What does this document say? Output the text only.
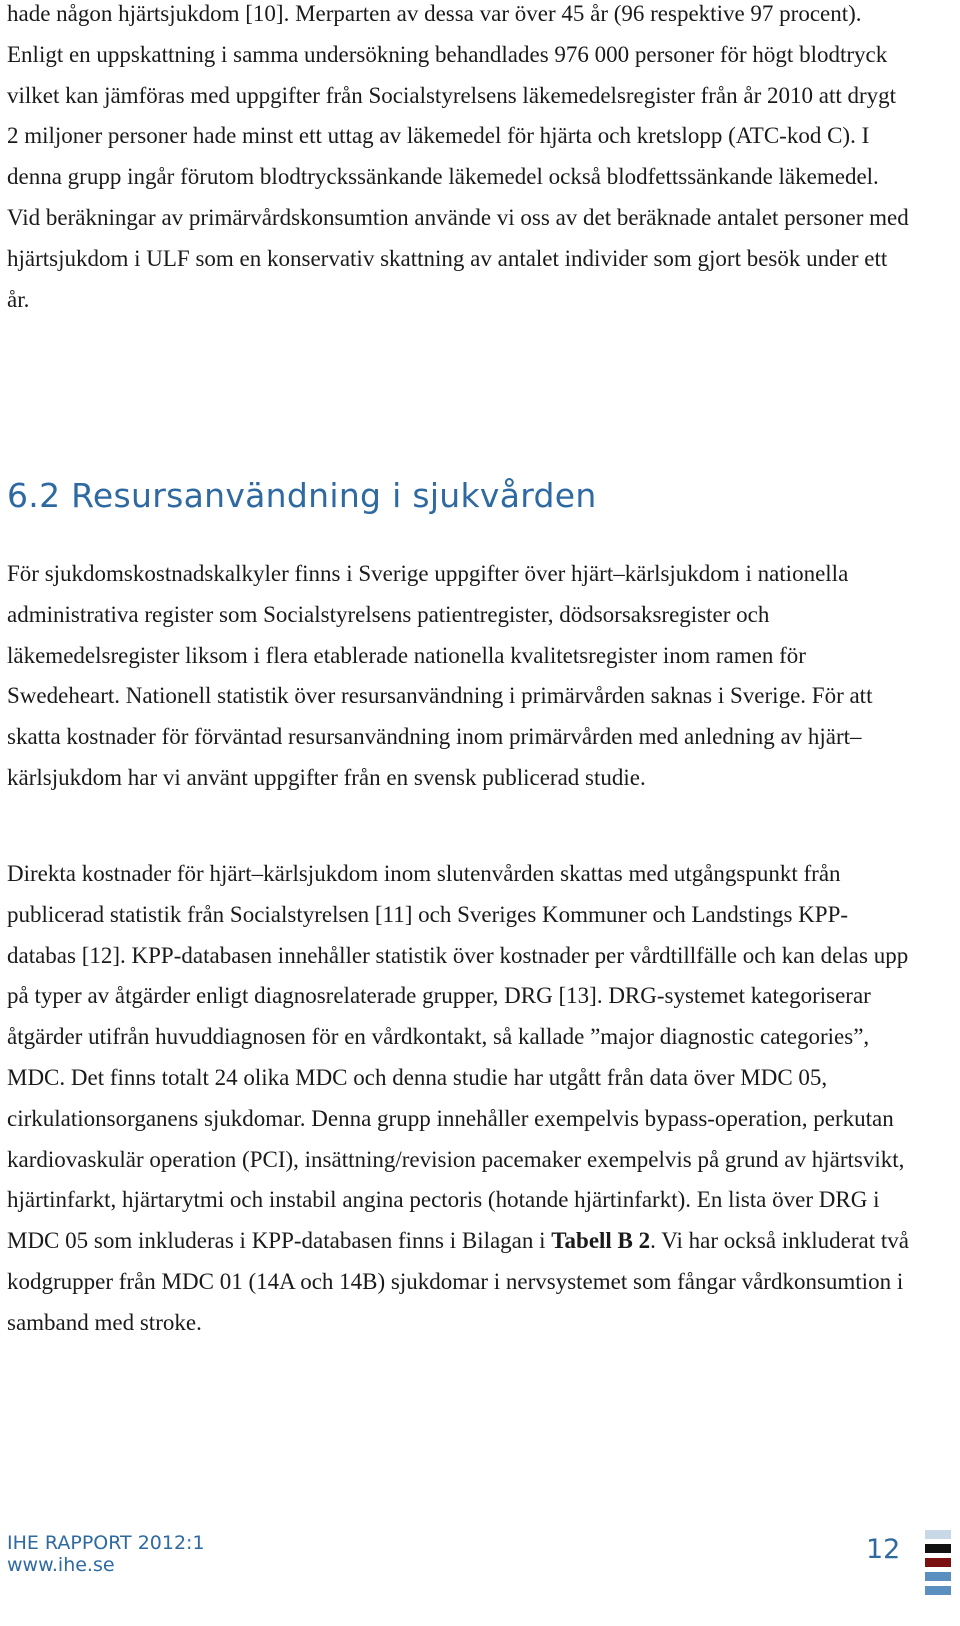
hade någon hjärtsjukdom [10]. Merparten av dessa var över 45 år (96 respektive 97 procent). Enligt en uppskattning i samma undersökning behandlades 976 000 personer för högt blodtryck vilket kan jämföras med uppgifter från Socialstyrelsens läkemedelsregister från år 2010 att drygt 2 miljoner personer hade minst ett uttag av läkemedel för hjärta och kretslopp (ATC-kod C). I denna grupp ingår förutom blodtryckssänkande läkemedel också blodfettssänkande läkemedel. Vid beräkningar av primärvårdskonsumtion använde vi oss av det beräknade antalet personer med hjärtsjukdom i ULF som en konservativ skattning av antalet individer som gjort besök under ett år.

6.2 Resursanvändning i sjukvården

För sjukdomskostnadskalkyler finns i Sverige uppgifter över hjärt–kärlsjukdom i nationella administrativa register som Socialstyrelsens patientregister, dödsorsaksregister och läkemedelsregister liksom i flera etablerade nationella kvalitetsregister inom ramen för Swedeheart. Nationell statistik över resursanvändning i primärvården saknas i Sverige. För att skatta kostnader för förväntad resursanvändning inom primärvården med anledning av hjärt–kärlsjukdom har vi använt uppgifter från en svensk publicerad studie.

Direkta kostnader för hjärt–kärlsjukdom inom slutenvården skattas med utgångspunkt från publicerad statistik från Socialstyrelsen [11] och Sveriges Kommuner och Landstings KPP-databas [12]. KPP-databasen innehåller statistik över kostnader per vårdtillfälle och kan delas upp på typer av åtgärder enligt diagnosrelaterade grupper, DRG [13]. DRG-systemet kategoriserar åtgärder utifrån huvuddiagnosen för en vårdkontakt, så kallade ”major diagnostic categories”, MDC. Det finns totalt 24 olika MDC och denna studie har utgått från data över MDC 05, cirkulationsorganens sjukdomar. Denna grupp innehåller exempelvis bypass-operation, perkutan kardiovaskulär operation (PCI), insättning/revision pacemaker exempelvis på grund av hjärtsvikt, hjärtinfarkt, hjärtarytmi och instabil angina pectoris (hotande hjärtinfarkt). En lista över DRG i MDC 05 som inkluderas i KPP-databasen finns i Bilagan i Tabell B 2. Vi har också inkluderat två kodgrupper från MDC 01 (14A och 14B) sjukdomar i nervsystemet som fångar vårdkonsumtion i samband med stroke.

IHE RAPPORT 2012:1
www.ihe.se	12
